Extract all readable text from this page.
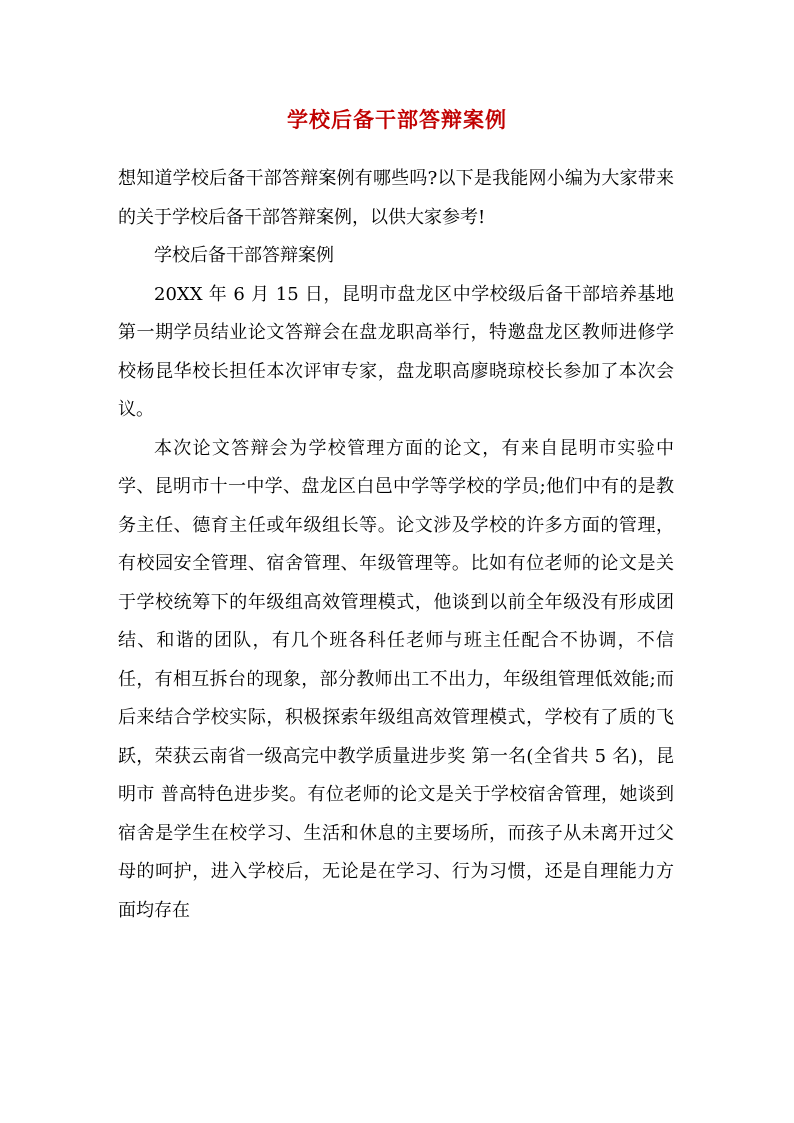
学校后备干部答辩案例

想知道学校后备干部答辩案例有哪些吗?以下是我能网小编为大家带来的关于学校后备干部答辩案例，以供大家参考!

学校后备干部答辩案例

20XX 年 6 月 15 日，昆明市盘龙区中学校级后备干部培养基地第一期学员结业论文答辩会在盘龙职高举行，特邀盘龙区教师进修学校杨昆华校长担任本次评审专家，盘龙职高廖晓琼校长参加了本次会议。

本次论文答辩会为学校管理方面的论文，有来自昆明市实验中学、昆明市十一中学、盘龙区白邑中学等学校的学员;他们中有的是教务主任、德育主任或年级组长等。论文涉及学校的许多方面的管理，有校园安全管理、宿舍管理、年级管理等。比如有位老师的论文是关于学校统筹下的年级组高效管理模式，他谈到以前全年级没有形成团结、和谐的团队，有几个班各科任老师与班主任配合不协调，不信任，有相互拆台的现象，部分教师出工不出力，年级组管理低效能;而后来结合学校实际，积极探索年级组高效管理模式，学校有了质的飞跃，荣获云南省一级高完中教学质量进步奖 第一名(全省共 5 名)，昆明市 普高特色进步奖。有位老师的论文是关于学校宿舍管理，她谈到宿舍是学生在校学习、生活和休息的主要场所，而孩子从未离开过父母的呵护，进入学校后，无论是在学习、行为习惯，还是自理能力方面均存在
